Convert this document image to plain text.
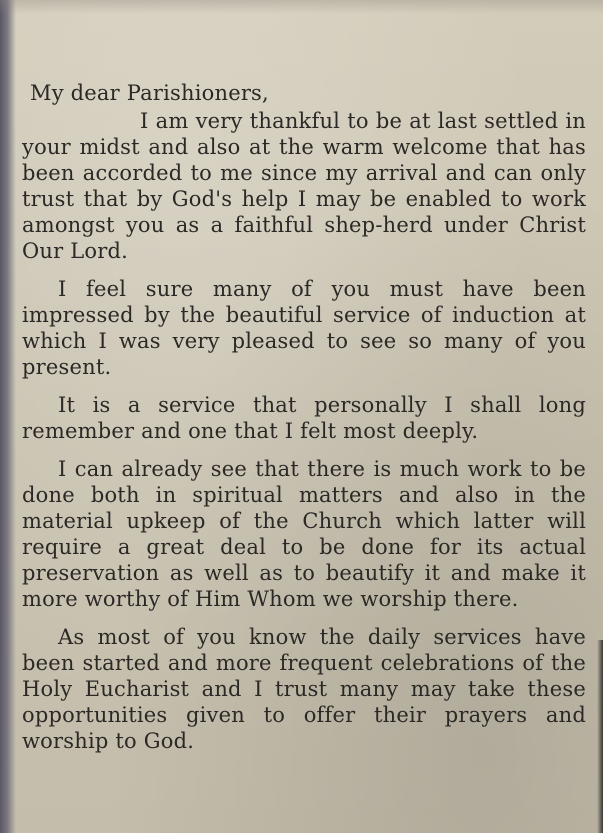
My dear Parishioners,

I am very thankful to be at last settled in your midst and also at the warm welcome that has been accorded to me since my arrival and can only trust that by God's help I may be enabled to work amongst you as a faithful shep-herd under Christ Our Lord.

I feel sure many of you must have been impressed by the beautiful service of induction at which I was very pleased to see so many of you present.

It is a service that personally I shall long remember and one that I felt most deeply.

I can already see that there is much work to be done both in spiritual matters and also in the material upkeep of the Church which latter will require a great deal to be done for its actual preservation as well as to beautify it and make it more worthy of Him Whom we worship there.

As most of you know the daily services have been started and more frequent celebrations of the Holy Eucharist and I trust many may take these opportunities given to offer their prayers and worship to God.
